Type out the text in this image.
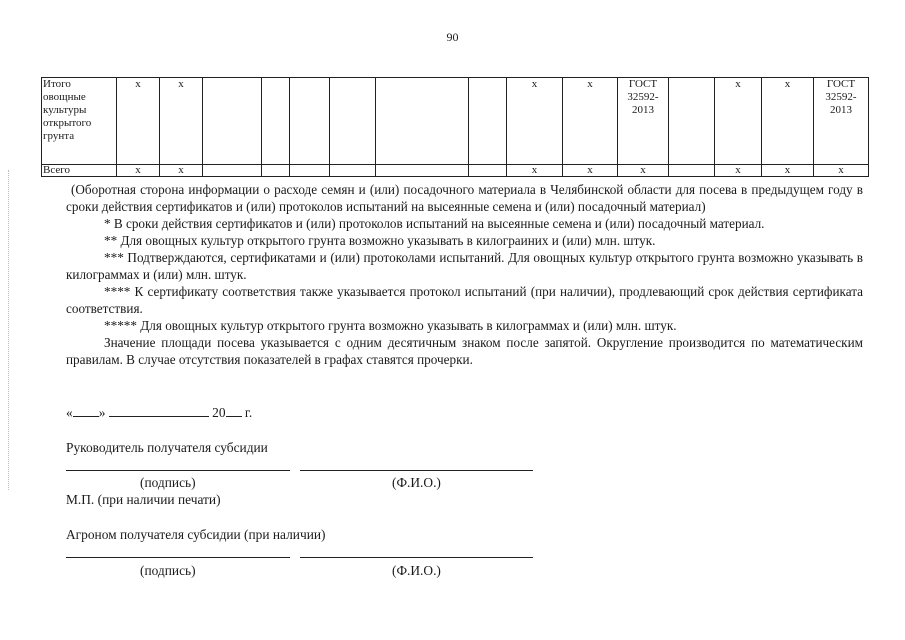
90
Итого овощные культуры открытого грунта	x	x							x	x	ГОСТ 32592-2013		x	x	ГОСТ 32592-2013
Всего	x	x							x	x	x		x	x	x

(Оборотная сторона информации о расходе семян и (или) посадочного материала в Челябинской области для посева в предыдущем году в сроки действия сертификатов и (или) протоколов испытаний на высеянные семена и (или) посадочный материал)

* В сроки действия сертификатов и (или) протоколов испытаний на высеянные семена и (или) посадочный материал.

** Для овощных культур открытого грунта возможно указывать в килограиних и (или) млн. штук.

*** Подтверждаются, сертификатами и (или) протоколами испытаний. Для овощных культур открытого грунта возможно указывать в килограммах и (или) млн. штук.

**** К сертификату соответствия также указывается протокол испытаний (при наличии), продлевающий срок действия сертификата соответствия.

***** Для овощных культур открытого грунта возможно указывать в килограммах и (или) млн. штук.

Значение площади посева указывается с одним десятичным знаком после запятой. Округление производится по математическим правилам. В случае отсутствия показателей в графах ставятся прочерки.

« »	20 г.
Руководитель получателя субсидии
(подпись)	(Ф.И.О.)
М.П. (при наличии печати)
Агроном получателя субсидии (при наличии)
(подпись)	(Ф.И.О.)
